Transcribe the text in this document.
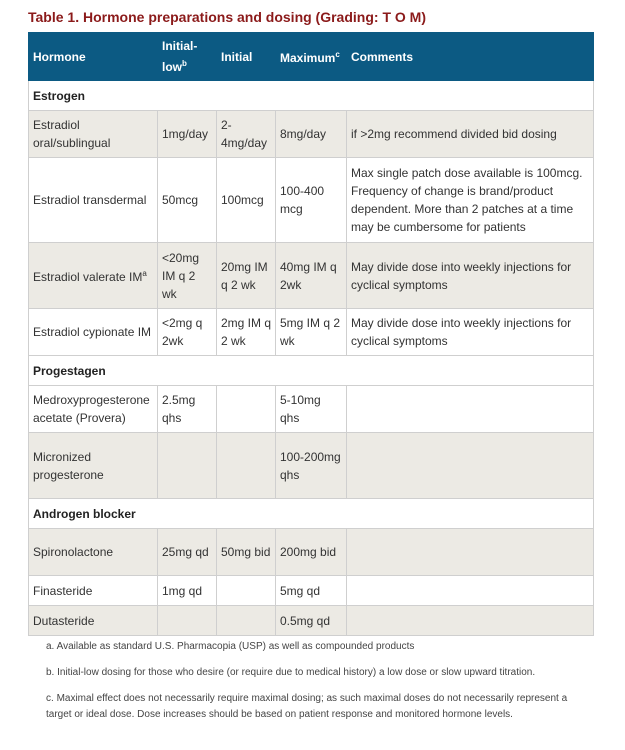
Table 1. Hormone preparations and dosing (Grading: T O M)
Hormone	Initial-low$^b$	Initial	Maximum$^c$	Comments
Estrogen				
Estradiol oral/sublingual	1mg/day	2-4mg/day	8mg/day	if >2mg recommend divided bid dosing
Estradiol transdermal	50mcg	100mcg	100-400 mcg	Max single patch dose available is 100mcg. Frequency of change is brand/product dependent. More than 2 patches at a time may be cumbersome for patients
Estradiol valerate $IM^a$	<20mg IM q 2 wk	20mg IM q 2 wk	40mg IM q 2wk	May divide dose into weekly injections for cyclical symptoms
Estradiol cypionate IM	<2mg q 2wk	2mg IM q 2 wk	5mg IM q 2 wk	May divide dose into weekly injections for cyclical symptoms
Progestagen				
Medroxyprogesterone acetate (Provera)	2.5mg qhs		5-10mg qhs	
Micronized progesterone			100-200mg qhs	
Androgen blocker				
Spironolactone	25mg qd	50mg bid	200mg bid	
Finasteride	1mg qd		5mg qd	
Dutasteride			0.5mg qd	
a. Available as standard U.S. Pharmacopia (USP) as well as compounded products
b. Initial-low dosing for those who desire (or require due to medical history) a low dose or slow upward titration.
c. Maximal effect does not necessarily require maximal dosing; as such maximal doses do not necessarily represent a target or ideal dose. Dose increases should be based on patient response and monitored hormone levels.
